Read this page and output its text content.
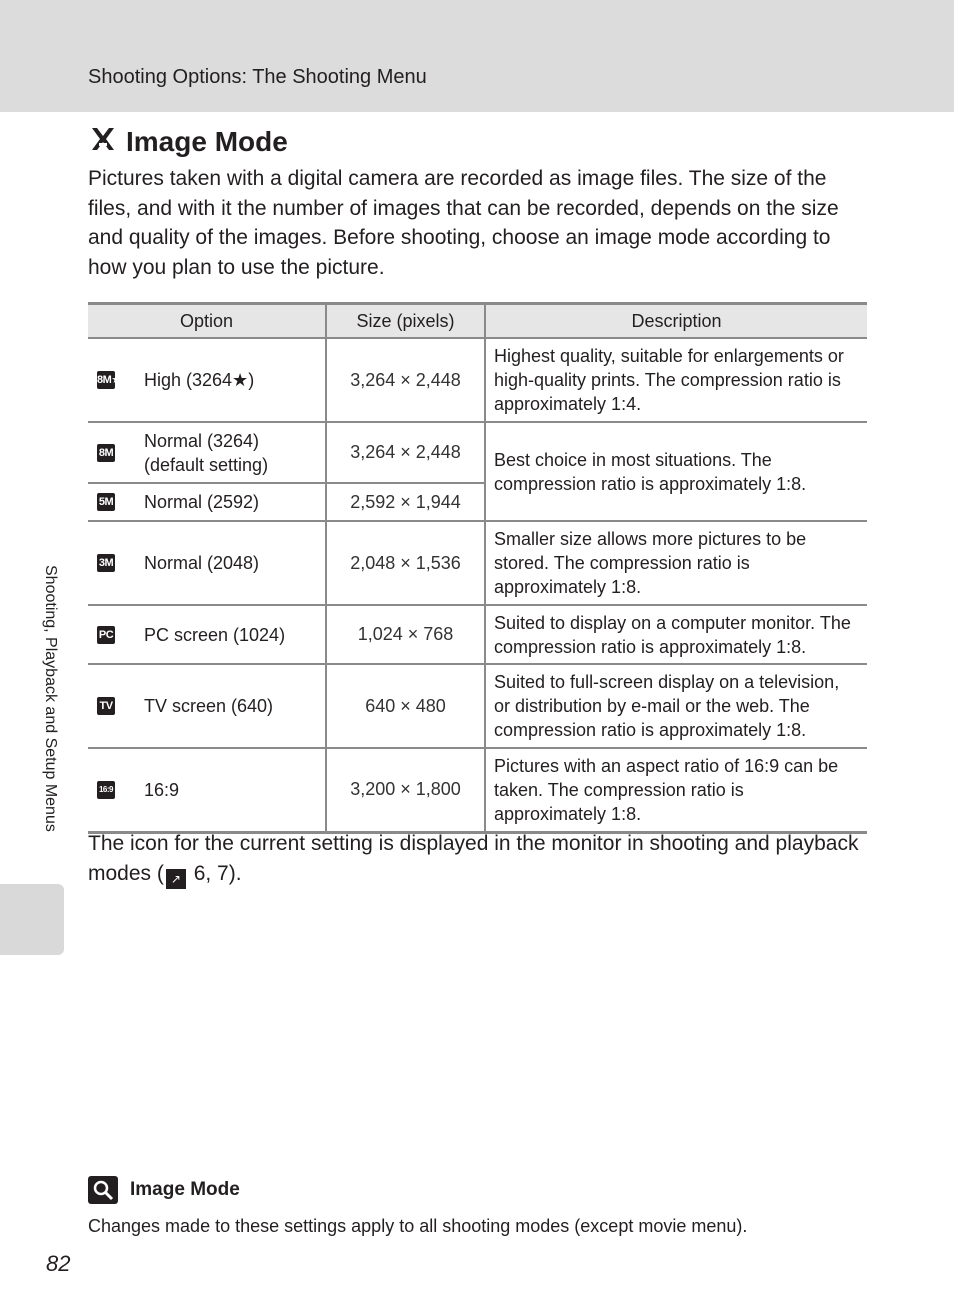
Shooting Options: The Shooting Menu
Image Mode

Pictures taken with a digital camera are recorded as image files. The size of the files, and with it the number of images that can be recorded, depends on the size and quality of the images. Before shooting, choose an image mode according to how you plan to use the picture.

Option	Size (pixels)	Description

8M★ High (3264★)	3,264 × 2,448	Highest quality, suitable for enlargements or high-quality prints. The compression ratio is approximately 1:4.

8M
Normal (3264)
(default setting)	3,264 × 2,448	Best choice in most situations. The compression ratio is approximately 1:8.

5M Normal (2592)	2,592 × 1,944	

3M Normal (2048)	2,048 × 1,536	Smaller size allows more pictures to be stored. The compression ratio is approximately 1:8.

PC PC screen (1024)	1,024 × 768	Suited to display on a computer monitor. The compression ratio is approximately 1:8.

TV TV screen (640)	640 × 480	Suited to full-screen display on a television, or distribution by e-mail or the web. The compression ratio is approximately 1:8.

16:9 16:9	3,200 × 1,800	Pictures with an aspect ratio of 16:9 can be taken. The compression ratio is approximately 1:8.

The icon for the current setting is displayed in the monitor in shooting and playback modes ( ↗ 6, 7).

Shooting, Playback and Setup Menus
Image Mode

Changes made to these settings apply to all shooting modes (except movie menu).

82
